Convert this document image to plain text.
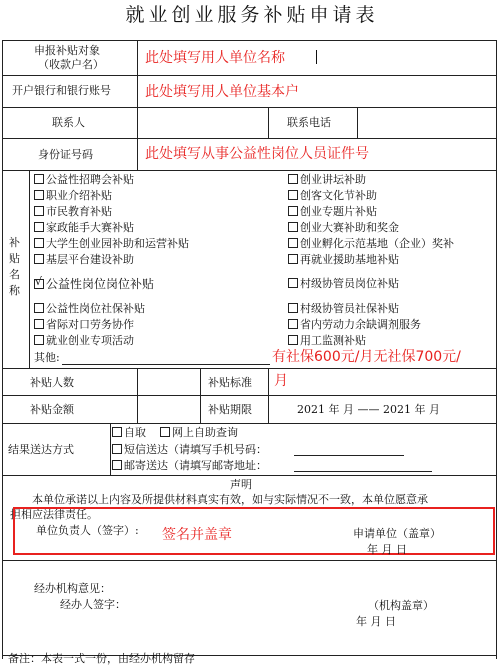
就业创业服务补贴申请表
申报补贴对象
（收款户名）	此处填写用人单位名称
开户银行和银行账号 此处填写用人单位基本户
联系人	联系电话
身份证号码	此处填写从事公益性岗位人员证件号
补
贴
名
称
公益性招聘会补贴
职业介绍补贴
市民教育补贴
家政能手大赛补贴
大学生创业园补助和运营补贴
基层平台建设补助
√公益性岗位岗位补贴
公益性岗位社保补贴
省际对口劳务协作
就业创业专项活动
创业讲坛补助
创客文化节补助
创业专题片补贴
创业大赛补助和奖金
创业孵化示范基地（企业）奖补
再就业援助基地补贴
村级协管员岗位补贴
村级协管员社保补贴
省内劳动力余缺调剂服务
用工监测补贴
其他:	有社保600元/月无社保700元/
补贴人数	补贴标准 月
补贴金额	补贴期限	2021 年 月 —— 2021 年 月
结果送达方式
自取	网上自助查询
短信送达（请填写手机号码：
邮寄送达（请填写邮寄地址：
声明
本单位承诺以上内容及所提供材料真实有效，如与实际情况不一致，本单位愿意承
担相应法律责任。
单位负责人（签字）: 签名并盖章	申请单位（盖章）
年 月 日
经办机构意见：
经办人签字：	（机构盖章）
年 月 日
备注：本表一式一份，由经办机构留存
